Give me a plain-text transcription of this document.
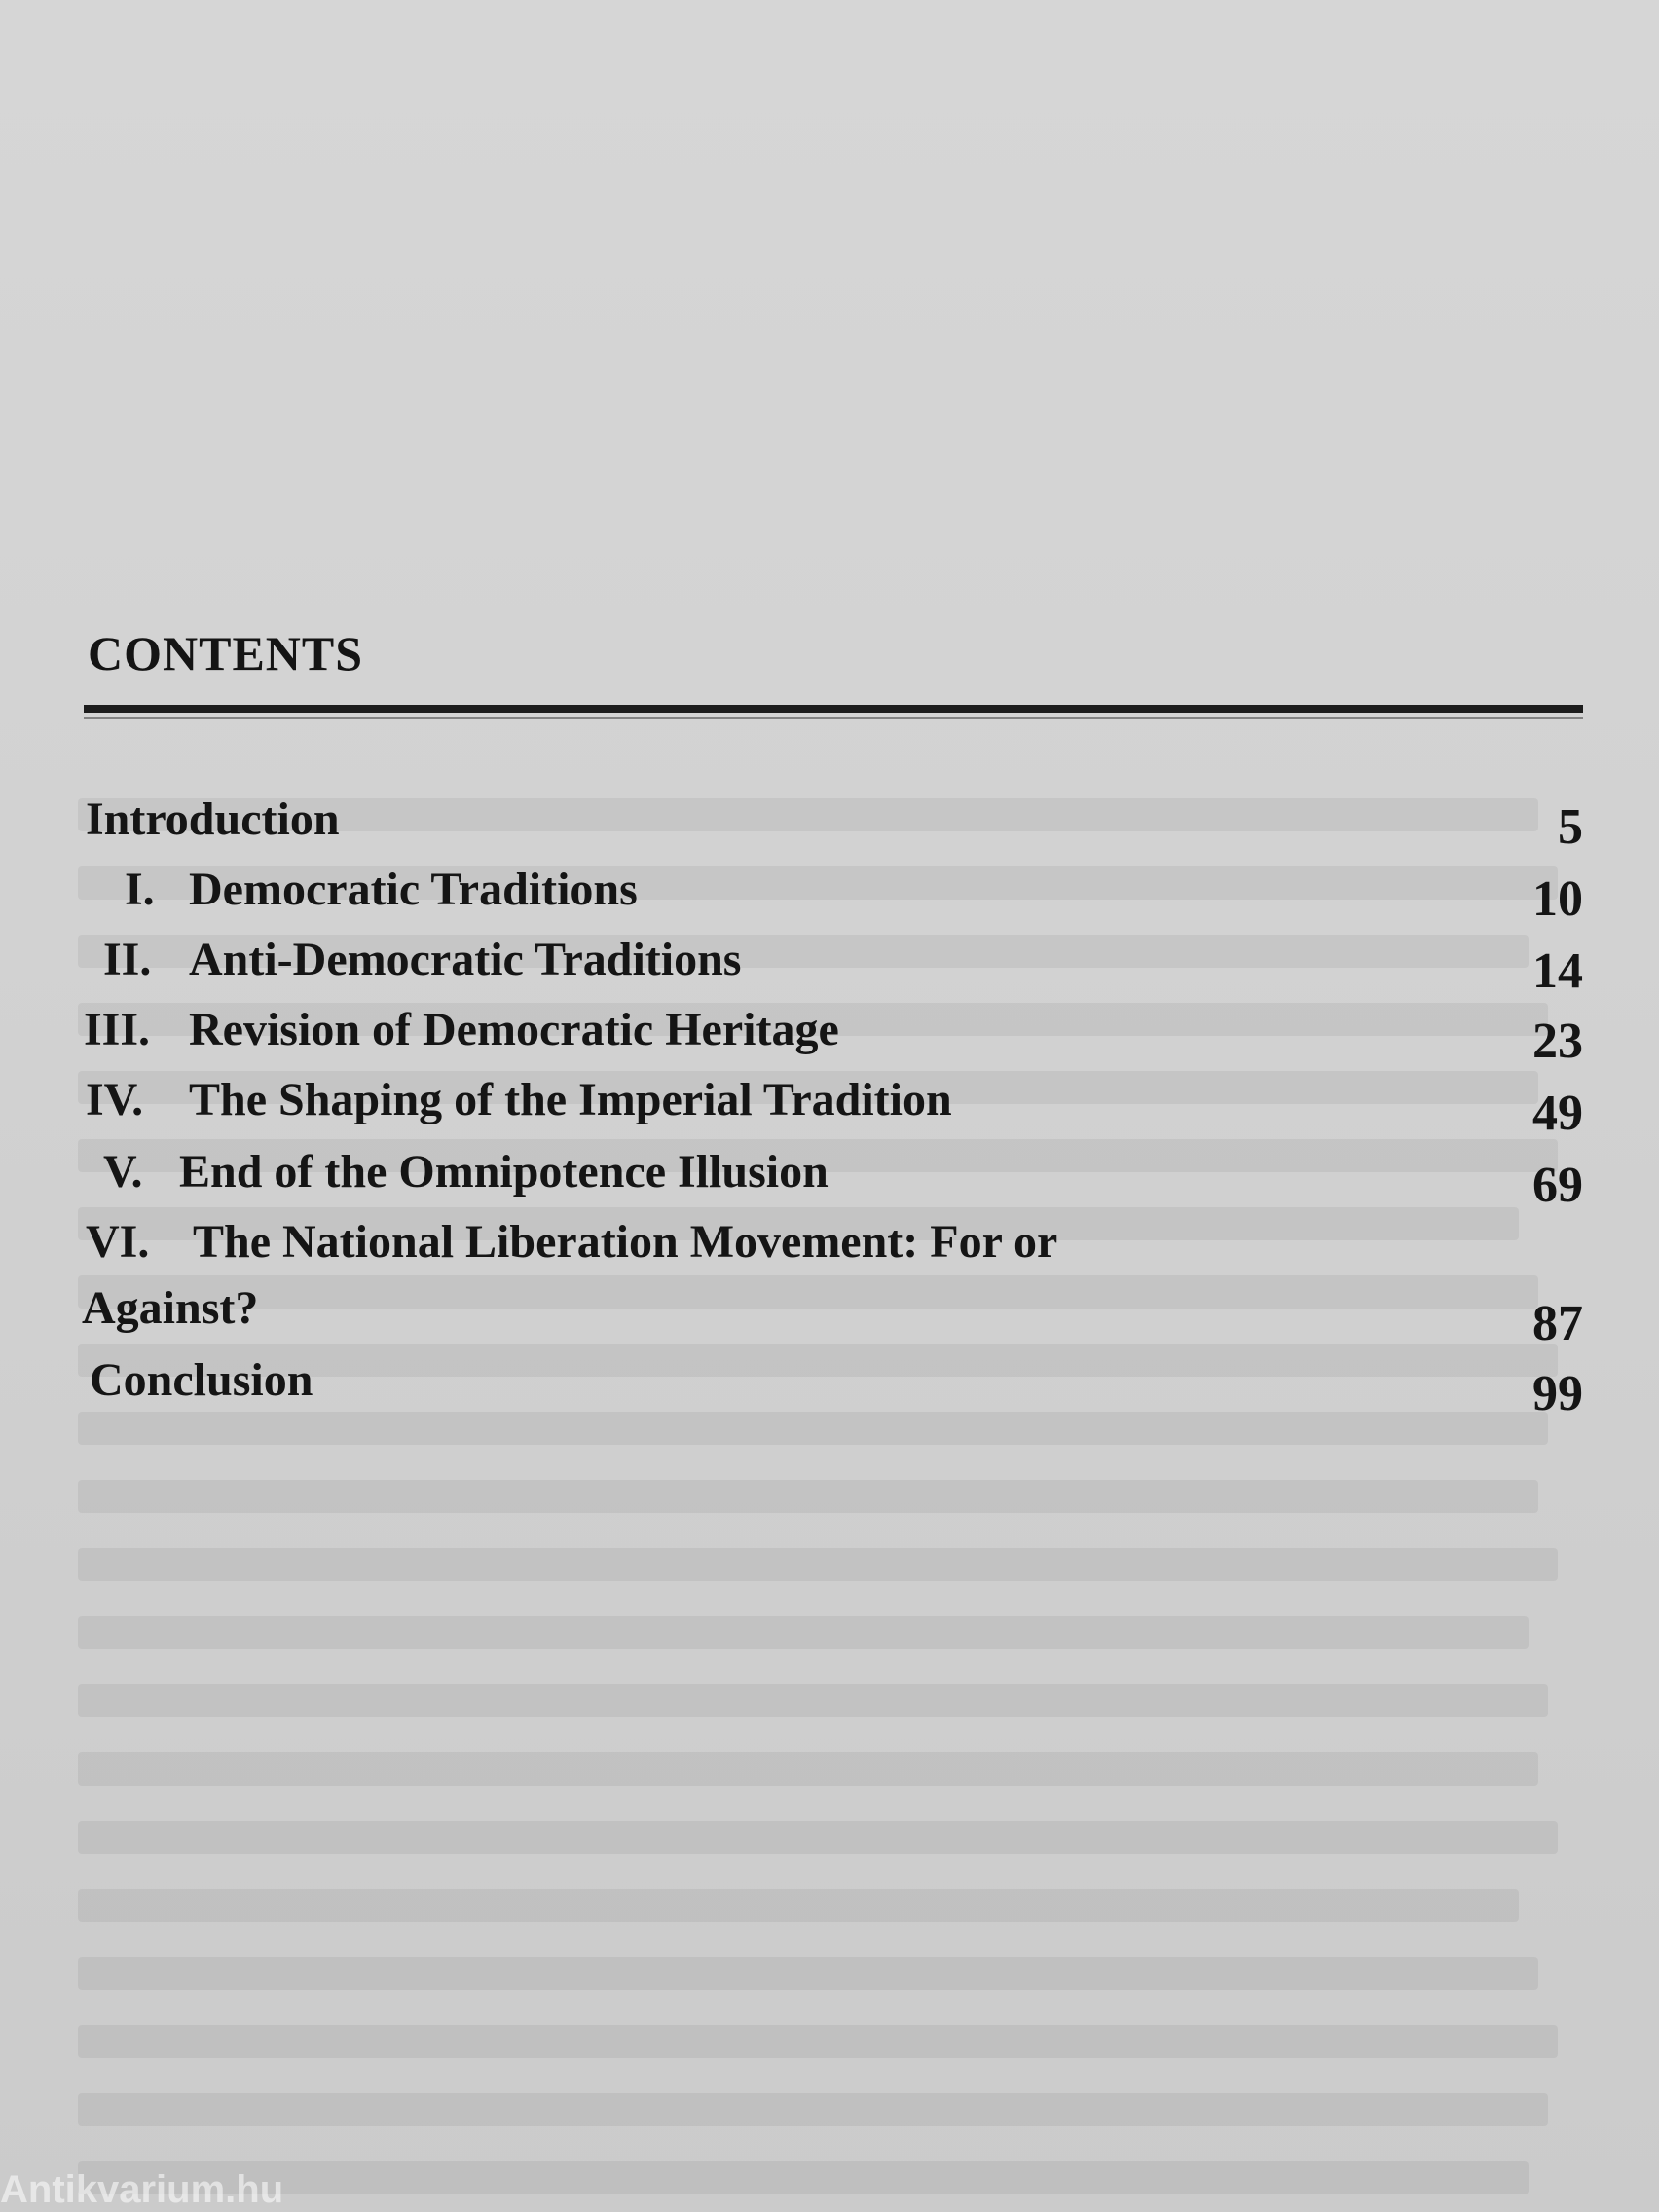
CONTENTS
Introduction	5
I. Democratic Traditions	10
II. Anti-Democratic Traditions	14
III. Revision of Democratic Heritage	23
IV. The Shaping of the Imperial Tradition	49
V. End of the Omnipotence Illusion	69
VI. The National Liberation Movement: For or
Against?	87
Conclusion	99
Antikvarium.hu
